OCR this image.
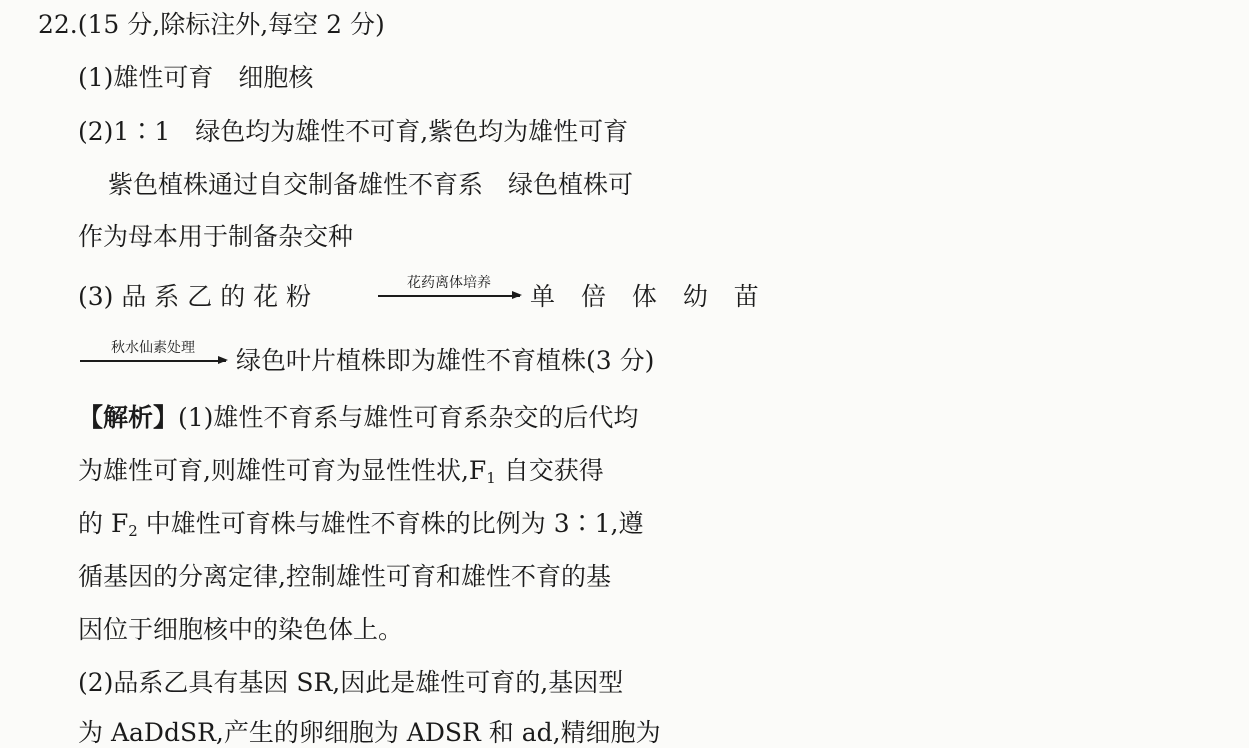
22.(15 分,除标注外,每空 2 分)
(1)雄性可育　细胞核
(2)1∶1　绿色均为雄性不可育,紫色均为雄性可育
紫色植株通过自交制备雄性不育系　绿色植株可
作为母本用于制备杂交种
(3) 品 系 乙 的 花 粉	花药离体培养	单 倍 体 幼 苗
秋水仙素处理	绿色叶片植株即为雄性不育植株(3 分)
【解析】(1)雄性不育系与雄性可育系杂交的后代均
为雄性可育,则雄性可育为显性性状$,F_1$ 自交获得
的 $F_2$ 中雄性可育株与雄性不育株的比例为 3∶1,遵
循基因的分离定律,控制雄性可育和雄性不育的基
因位于细胞核中的染色体上。
(2)品系乙具有基因 SR,因此是雄性可育的,基因型
为 AaDdSR,产生的卵细胞为 ADSR 和 ad,精细胞为
